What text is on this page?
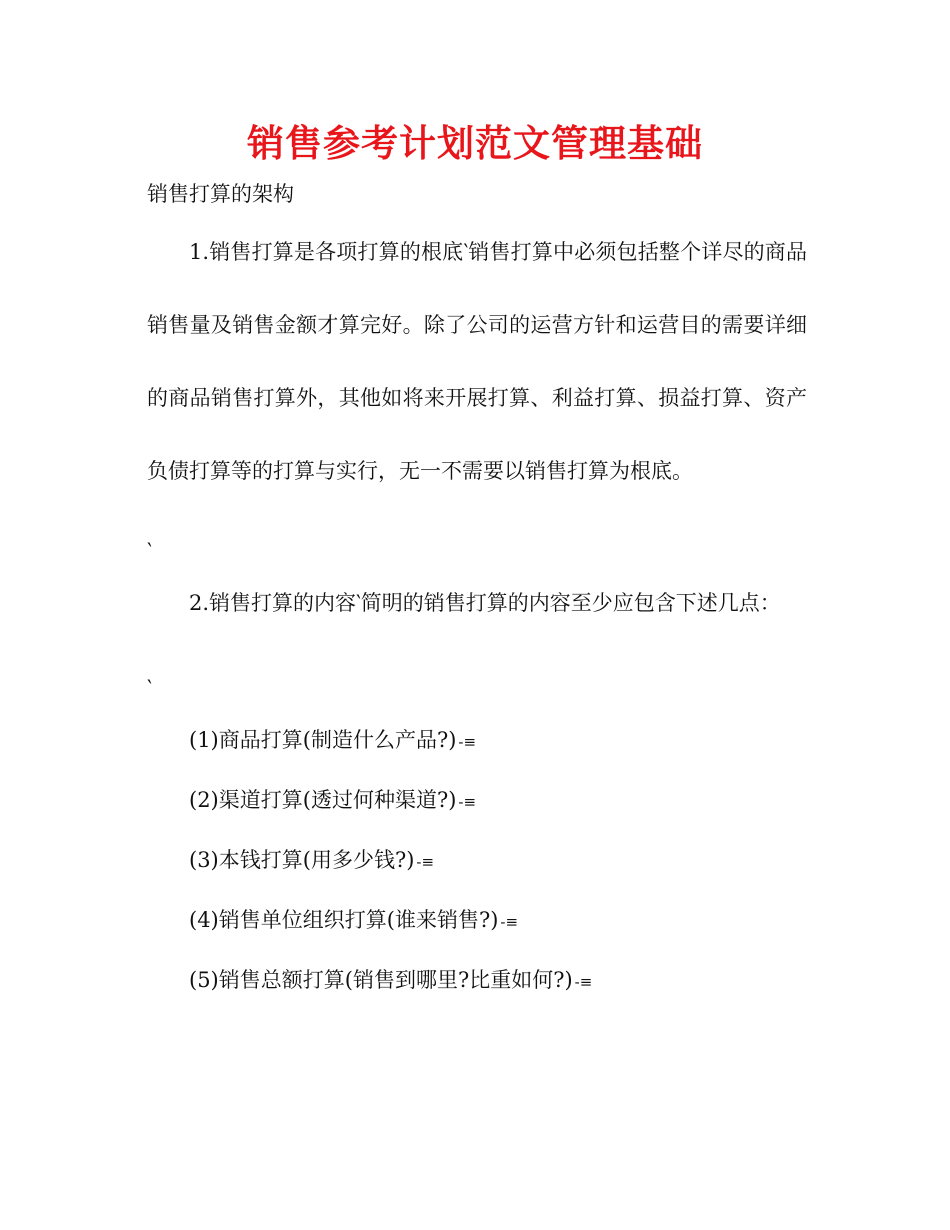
销售参考计划范文管理基础
销售打算的架构
1.销售打算是各项打算的根底‵销售打算中必须包括整个详尽的商品销售量及销售金额才算完好。除了公司的运营方针和运营目的需要详细的商品销售打算外，其他如将来开展打算、利益打算、损益打算、资产负债打算等的打算与实行，无一不需要以销售打算为根底。
‵
2.销售打算的内容‵简明的销售打算的内容至少应包含下述几点：
‵
(1)商品打算(制造什么产品?) -≡
(2)渠道打算(透过何种渠道?) -≡
(3)本钱打算(用多少钱?) -≡
(4)销售单位组织打算(谁来销售?) -≡
(5)销售总额打算(销售到哪里?比重如何?) -≡
